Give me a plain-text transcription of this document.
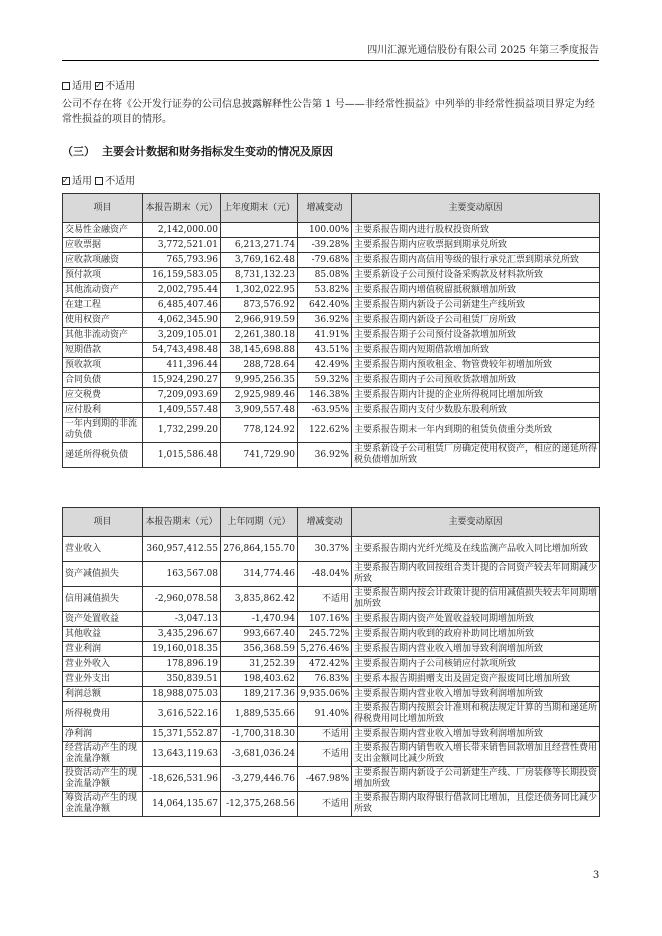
四川汇源光通信股份有限公司 2025 年第三季度报告
适用 ✓ 不适用
公司不存在将《公开发行证券的公司信息披露解释性公告第 1 号——非经常性损益》中列举的非经常性损益项目界定为经常性损益的项目的情形。
（三） 主要会计数据和财务指标发生变动的情况及原因
✓适用 不适用
项目	本报告期末（元）	上年度期末（元）	增减变动	主要变动原因
交易性金融资产	2,142,000.00		100.00%	主要系报告期内进行股权投资所致
应收票据	3,772,521.01	6,213,271.74	-39.28%	主要系报告期内应收票据到期承兑所致
应收款项融资	765,793.96	3,769,162.48	-79.68%	主要系报告期内高信用等级的银行承兑汇票到期承兑所致
预付款项	16,159,583.05	8,731,132.23	85.08%	主要系新设子公司预付设备采购款及材料款所致
其他流动资产	2,002,795.44	1,302,022.95	53.82%	主要系报告期内增值税留抵税额增加所致
在建工程	6,485,407.46	873,576.92	642.40%	主要系报告期内新设子公司新建生产线所致
使用权资产	4,062,345.90	2,966,919.59	36.92%	主要系报告期内新设子公司租赁厂房所致
其他非流动资产	3,209,105.01	2,261,380.18	41.91%	主要系报告期子公司预付设备款增加所致
短期借款	54,743,498.48	38,145,698.88	43.51%	主要系报告期内短期借款增加所致
预收款项	411,396.44	288,728.64	42.49%	主要系报告期内预收租金、物管费较年初增加所致
合同负债	15,924,290.27	9,995,256.35	59.32%	主要系报告期内子公司预收货款增加所致
应交税费	7,209,093.69	2,925,989.46	146.38%	主要系报告期内计提的企业所得税同比增加所致
应付股利	1,409,557.48	3,909,557.48	-63.95%	主要系报告期内支付少数股东股利所致
一年内到期的非流动负债	1,732,299.20	778,124.92	122.62%	主要系报告期末一年内到期的租赁负债重分类所致
递延所得税负债	1,015,586.48	741,729.90	36.92%	主要系新设子公司租赁厂房确定使用权资产，相应的递延所得税负债增加所致
项目	本报告期末（元）	上年同期（元）	增减变动	主要变动原因
营业收入	360,957,412.55	276,864,155.70	30.37%	主要系报告期内光纤光缆及在线监测产品收入同比增加所致
资产减值损失	163,567.08	314,774.46	-48.04%	主要系报告期内收回按组合类计提的合同资产较去年同期减少所致
信用减值损失	-2,960,078.58	3,835,862.42	不适用	主要系报告期内按会计政策计提的信用减值损失较去年同期增加所致
资产处置收益	-3,047.13	-1,470.94	107.16%	主要系报告期内资产处置收益较同期增加所致
其他收益	3,435,296.67	993,667.40	245.72%	主要系报告期内收到的政府补助同比增加所致
营业利润	19,160,018.35	356,368.59	5,276.46%	主要系报告期内营业收入增加导致利润增加所致
营业外收入	178,896.19	31,252.39	472.42%	主要系报告期内子公司核销应付款项所致
营业外支出	350,839.51	198,403.62	76.83%	主要系本报告期捐赠支出及固定资产报废同比增加所致
利润总额	18,988,075.03	189,217.36	9,935.06%	主要系报告期内营业收入增加导致利润增加所致
所得税费用	3,616,522.16	1,889,535.66	91.40%	主要系报告期内按照会计准则和税法规定计算的当期和递延所得税费用同比增加所致
净利润	15,371,552.87	-1,700,318.30	不适用	主要系报告期内营业收入增加导致利润增加所致
经营活动产生的现金流量净额	13,643,119.63	-3,681,036.24	不适用	主要系报告期内销售收入增长带来销售回款增加且经营性费用支出金额同比减少所致
投资活动产生的现金流量净额	-18,626,531.96	-3,279,446.76	-467.98%	主要系报告期内新设子公司新建生产线、厂房装修等长期投资增加所致
筹资活动产生的现金流量净额	14,064,135.67	-12,375,268.56	不适用	主要系报告期内取得银行借款同比增加，且偿还债务同比减少所致
3
